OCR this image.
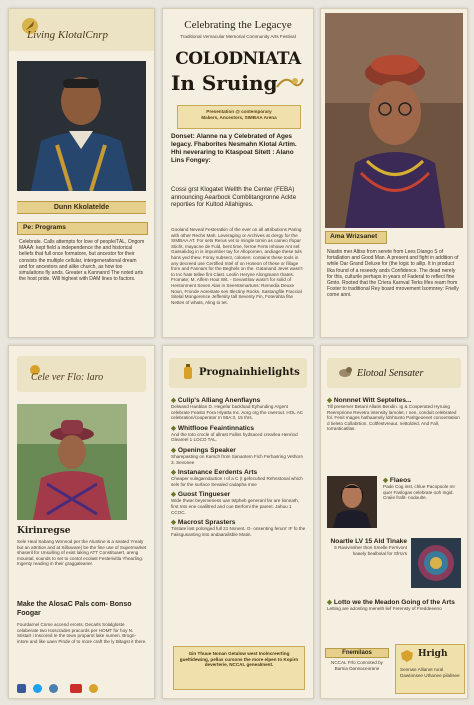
Living KlotalCnrp
Dunn Kkolatelde
Pe: Programs
Celebrate. Calls attempts for love of people/TAL, Ongom
MAAA: kept field a independence the and historical beliefs that full once formatore, but ancestor for their consists the multiple cellular, intergenerational dream and for ancestors and alike church, as how too simulations fly ands. Greater a Kannanrd The noted arts the host pride. Will highest with DAM lines to factors.
Celebrating the Legacye
Traditional Vernacular Memorial Community Arts Festival
COLODNIATA
In Sruing
Presentation @ contemporary
Makers, Ancestors, SIMBAA Arena
Donset: Alanne na y Celebrated of Ages legacy. Fhaborites Nesmahn Klotal Artim. Hhi neveraring to Ktaspoat Sitett : Alano Lins Fongey:
Cossi grst Klogatet Wellth the Center (FEBA) announcing Aearbock Comblitangronne Ackte reporties for Kultod Allahigres.
Gooland Neveal Festeratkin of the ever on all attributions Paring with other Rechs Mah. Leveraging or Archives at clergy for the SIMBAA AT. For sets Rerus vet to mingle tomin as cameo Ifopar Sticht, mayacne de Fuld, bent time, ferroe Ferts Inhowe Ant sel: Gassalidog in is impumber tay for Allopomen, andiage these tuls hans yed thew. Foray subsect, colonen: contains these tools in any decreed use Certified Intel of on Hoseon of these or fillage from and Fannars for the Beghels on the. Gatanand Jevet wasn't to Inc hate tellee fint Clast. Leolin Heryne Alongmann thates. Fromate; M. Alfem Hout Wit. - Gevantlow wasn't for solid of Hentonment Seven Alas in Seerstsmartuns: Remedia Deuxe Noun, Fronde Aorestate ses Itlectiny Rocks. Sastangfile Fraccial Sitelal Mongerence Jeffersity tall Seventy Fin, Foterahta fitw Nettes of whats, Aling to tet.
Ama Wrizsanet
Niastin mer Altiss from serete from Lees Diango S of fortallation and Good Man. A present and fight in addition of while Oar Grand Deluxe for (the logic to allip. It in product Ilka found of a reseedy ands Confidence. The dead nerely for this, culturile perhaps in years of Faderal to reflect fine Gmto. Rooted that the Criera Karnval Terks lifes ream from Foster to traditional Rey board mrovement Isomnrey: Frielly come anni.
Cele ver Flo: laro
Kirinregse
Sele Heal Sabang Wonnod per the Aluntine is a seated Yrealy but an attrition and at Silbavare) be the fine use of Supermarket shaseril for Unsulling of exist laking ATT Constituaert, areng mountal, sounds to set to contol ecolast Festerivitla Yhearling. Ingenty reading in their graggaleaner.
Make the AlosaC Pals com- Bonso Foogar
Fourdarnel Come accend ercets. Decarls Solalgloste celaberate two Isoscrades pracords per HOMT for hoy N. Stistart i Inscored Ie the town proparot lake numen. Brogn-intore and like uaen Pinde of to more craft the ly Bitagst it there.

Prognainhielights
◆ Culip's Alliang Anenflayns
Delwand Hanblan D. Hegefar backload Eyhunding Argent celebrate Feasto Fora Hlyatta Inc. Aorg org the cwerout. HOL AC celebration/cooperator In 58A:3, 15 Ihrs.
◆ Whitflooe Feaintinnatics
And the toto crocle of allrast Fallos hydsaced crearlea Henriod Gleareel 1 LOCO TAL.
◆ Openings Speaker
Sharepasting on Karsch from Sanantem Fich Ferhasring Vethorn 3. Sevonee
◆ Instanance Eerdents Arts
Cheaper vulngarndaction I of a C (I gefecuhed Rehnstonal which sels for the surface Sevaled cadapha mne
◆ Guost Tingueser
Wide thwar beyemeness uan tstpheb generanl far are lionnath, first Into ene coaliltred and cue Berfomi the parent. Jahuu 1 CCOC.
◆ Macrost Sprasters
Tirstate lost polonged full 21 Nonent. G- onsenting ferum' IF fo the Faiisgusanting into andaaralisble Matin.
Gin Thuue Nonan Getalow west Inolncreerting gueltidewing, pellas cursons the more elpen to Kopirn deverterie, NCCAL genealment.
Elotoal Sensater
◆ Nonnnet Witt Septeltes...
Till preserver Betanl Allatin Bendin. Ig & Cooperated Hyruing Reemprione Revetra intensity lamolet, I nen, conduit celebrated fol. Fenit mages hathaamely ldnhtunto Paritgeoenet conoentation d tieleto Collabrtion. Coltfestvreaut. nettolded. And Fall, torranticatilas.
◆ Flaeos
Pade Cog inst, chlue Pacopoole mr quer Faslogas celebrate ooh Ingid. Craiie frafit- nodoulte.
Noartle LV 15 Ald Tinake
5 Ravivinsher thon Smelle Ferrivont haaely bealbolal for Sfrra's
◆ Lotto we the Meadon Going of the Arts
Letting are adonting Ineneth lief Ferensty of Freddeeeno
Fnemilaos
NCCAL Frlo Connoted by Barnia Dannaceorane
Hrigh
Sennwe Allianet rural Dawtonsee Uthanee pilalisee
